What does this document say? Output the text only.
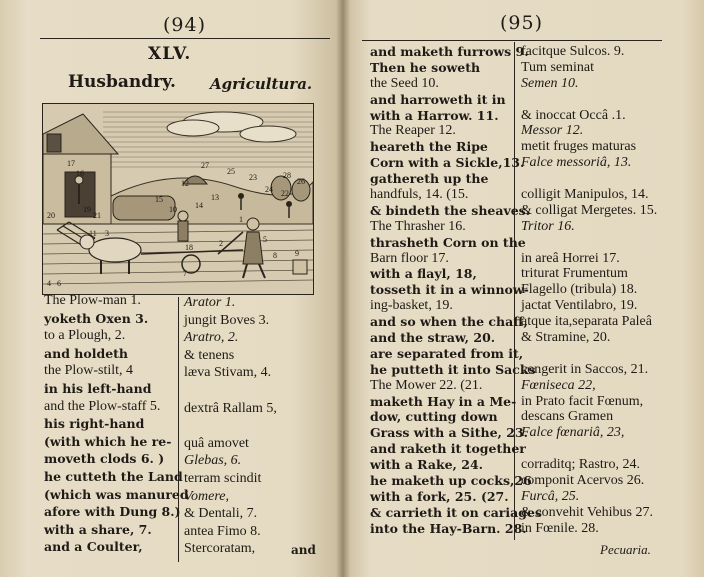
(94)
XLV.
Husbandry. Agricultura.
17
16
19
20	21
11 3
4 6
7
2
1
5
8 9
10 14
15
27
25
23
24 22
26
28
12
13
18
The Plow-man 1.
yoketh Oxen 3.
to a Plough, 2.
and holdeth
the Plow-stilt, 4
in his left-hand
and the Plow-staff 5.
his right-hand
(with which he re-
moveth clods 6. )
he cutteth the Land
(which was manured
afore with Dung 8.)
with a share, 7.
and a Coulter,
Arator 1.
jungit Boves 3.
Aratro, 2.
& tenens
læva Stivam, 4.
dextrâ Rallam 5,
quâ amovet
Glebas, 6.
terram scindit
Vomere,
& Dentali, 7.
antea Fimo 8.
Stercoratam,	and
(95)
and maketh furrows 9.
Then he soweth
the Seed 10.
and harroweth it in
with a Harrow. 11.
The Reaper 12.
heareth the Ripe
Corn with a Sickle,13.
gathereth up the
handfuls, 14. (15.
& bindeth the sheaves.
The Thrasher 16.
thrasheth Corn on the
Barn floor 17.
with a flayl, 18,
tosseth it in a winnow-
ing-basket, 19.
and so when the chaff,
and the straw, 20.
are separated from it,
he putteth it into Sacks
The Mower 22. (21.
maketh Hay in a Me-
dow, cutting down
Grass with a Sithe, 23.
and raketh it together
with a Rake, 24.
he maketh up cocks,26
with a fork, 25. (27.
& carrieth it on cariages
into the Hay-Barn. 28.
facitque Sulcos. 9.
Tum seminat
Semen 10.
& inoccat Occâ .1.
Messor 12.
metit fruges maturas
Falce messoriâ, 13.
colligit Manipulos, 14.
& colligat Mergetes. 15.
Tritor 16.
in areâ Horrei 17.
triturat Frumentum
Flagello (tribula) 18.
jactat Ventilabro, 19.
atque ita,separata Paleâ
& Stramine, 20.
congerit in Saccos, 21.
Fœniseca 22,
in Prato facit Fœnum,
descans Gramen
Falce fœnariâ, 23,
corraditq; Rastro, 24.
componit Acervos 26.
Furcâ, 25.
& convehit Vehibus 27.
in Fœnile. 28.
Pecuaria.
